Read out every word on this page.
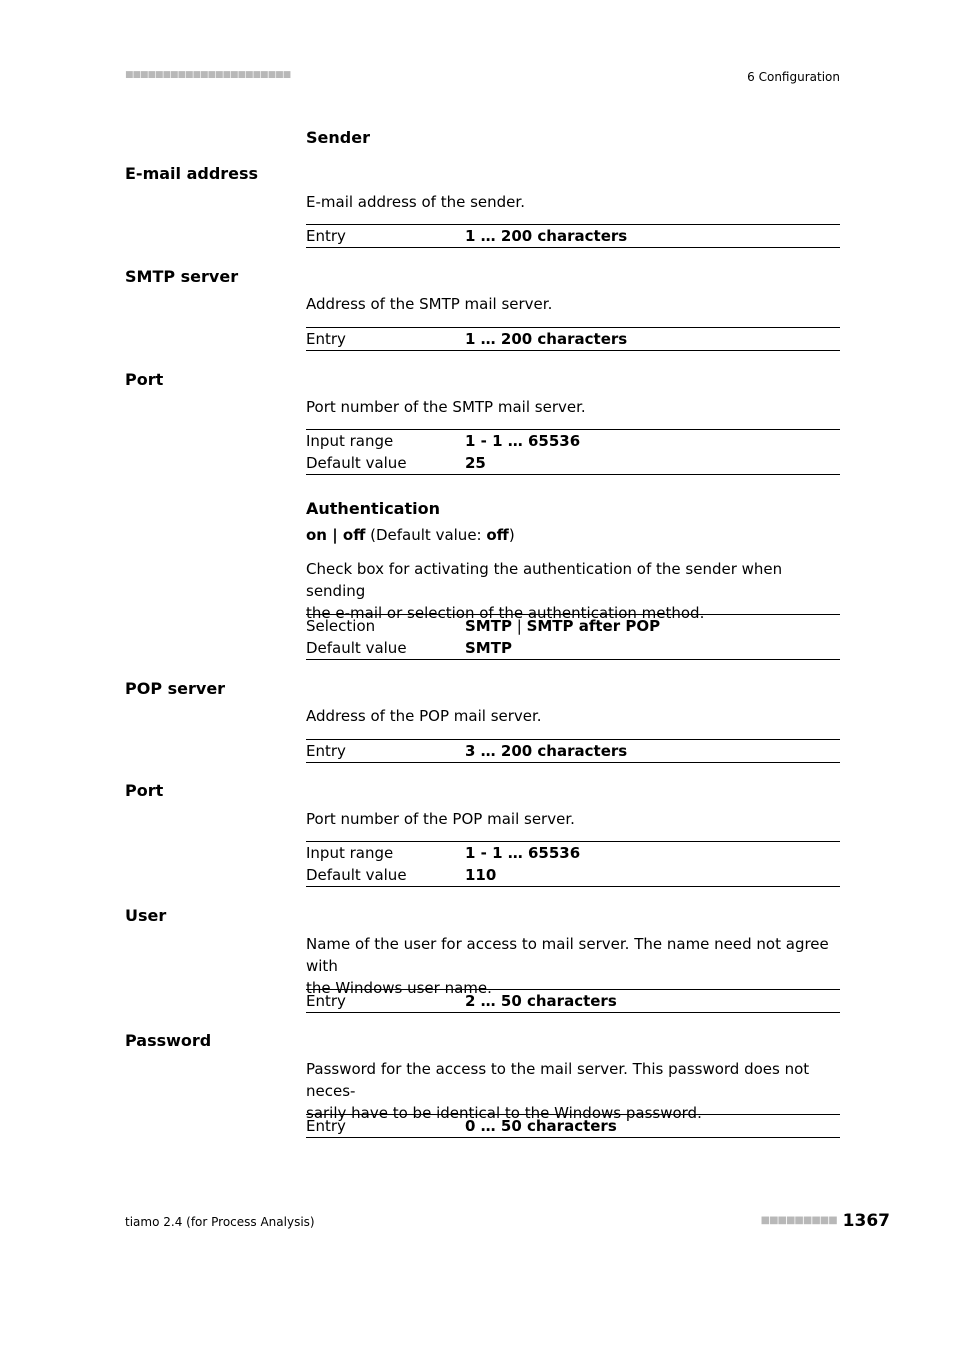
■■■■■■■■■■■■■■■■■■■■■■	6 Configuration
Sender
E-mail address
E-mail address of the sender.
Entry	1 … 200 characters
SMTP server
Address of the SMTP mail server.
Entry	1 … 200 characters
Port
Port number of the SMTP mail server.
Input range	1 - 1 … 65536
Default value	25
Authentication
on | off (Default value: off)
Check box for activating the authentication of the sender when sending
the e-mail or selection of the authentication method.
Selection	SMTP | SMTP after POP
Default value	SMTP
POP server
Address of the POP mail server.
Entry	3 … 200 characters
Port
Port number of the POP mail server.
Input range	1 - 1 … 65536
Default value	110
User
Name of the user for access to mail server. The name need not agree with
the Windows user name.
Entry	2 … 50 characters
Password
Password for the access to the mail server. This password does not neces-
sarily have to be identical to the Windows password.
Entry	0 … 50 characters
tiamo 2.4 (for Process Analysis)	■■■■■■■■■ 1367
